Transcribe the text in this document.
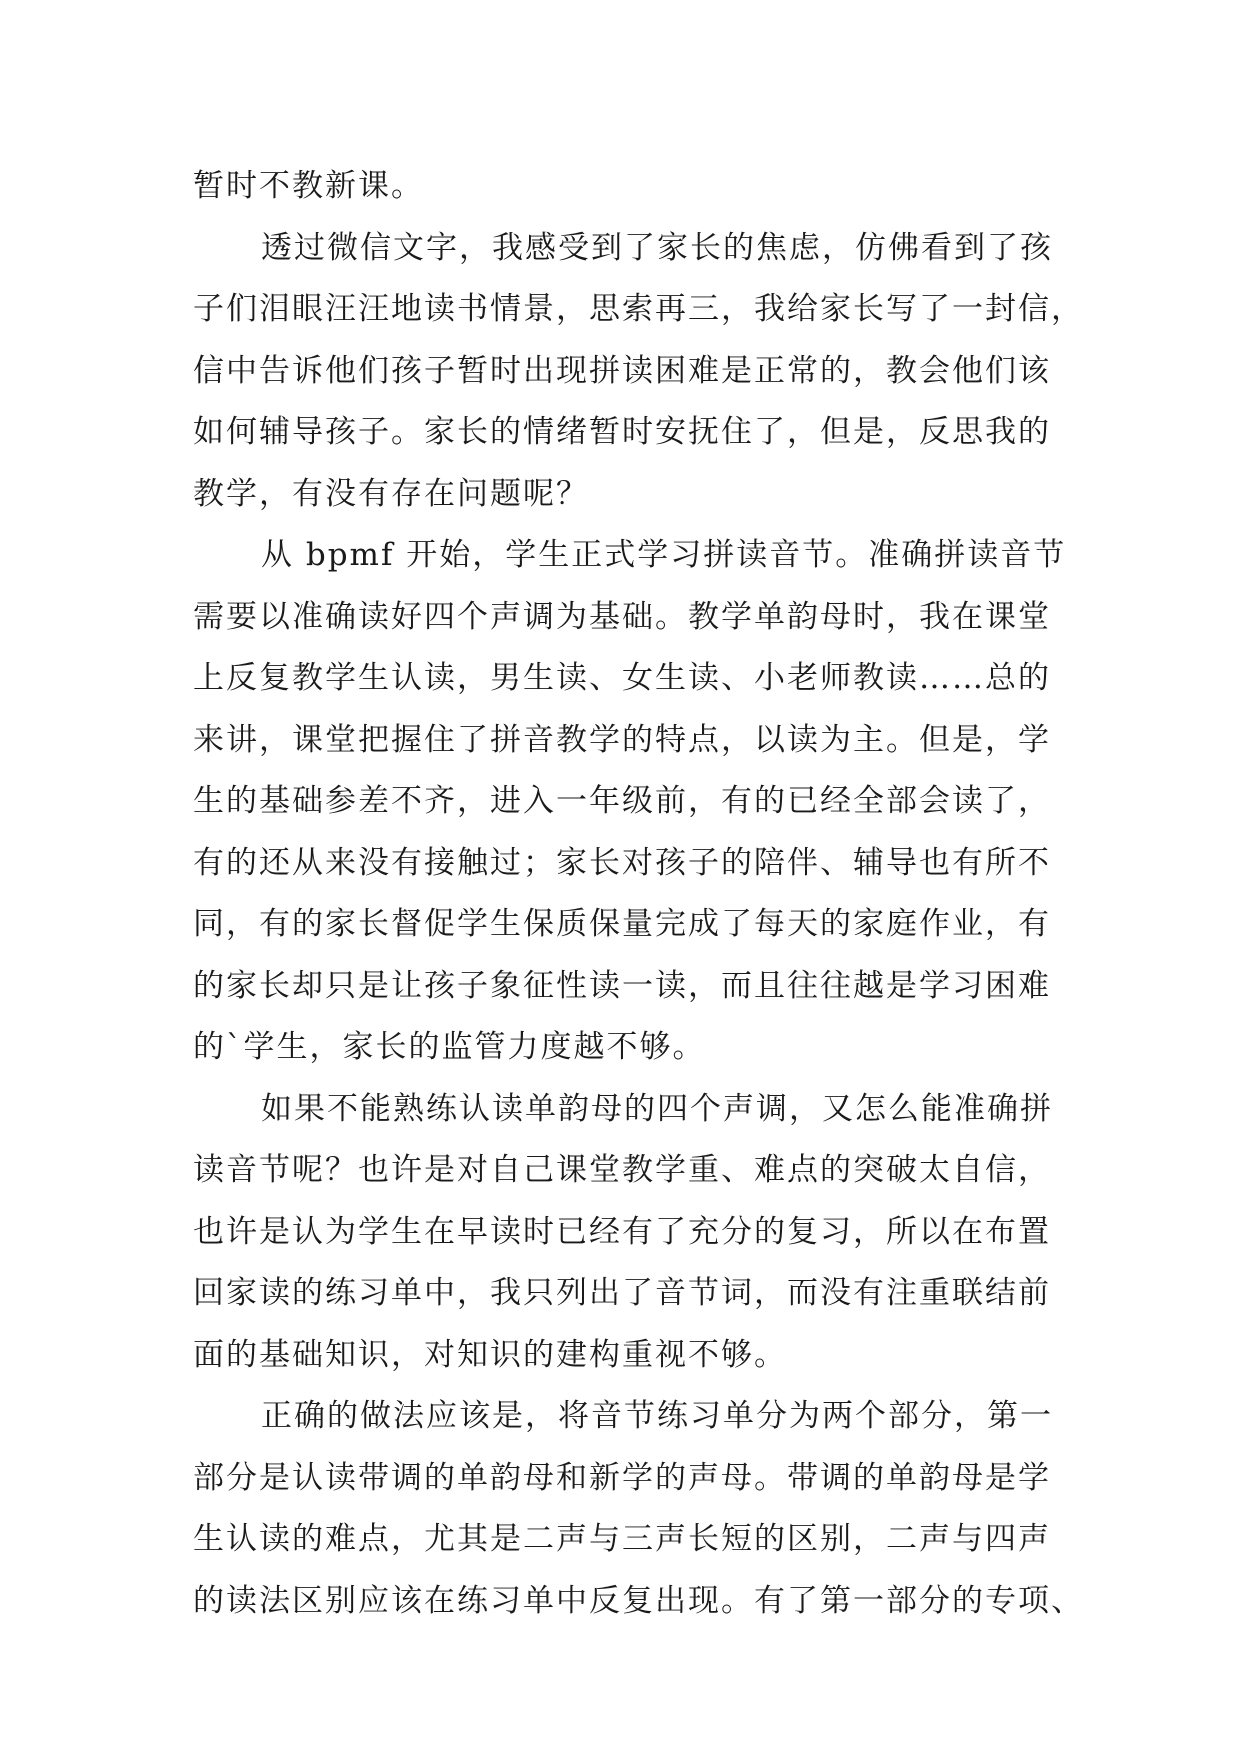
暂时不教新课。
透过微信文字，我感受到了家长的焦虑，仿佛看到了孩
子们泪眼汪汪地读书情景，思索再三，我给家长写了一封信，
信中告诉他们孩子暂时出现拼读困难是正常的，教会他们该
如何辅导孩子。家长的情绪暂时安抚住了，但是，反思我的
教学，有没有存在问题呢？
从 bpmf 开始，学生正式学习拼读音节。准确拼读音节
需要以准确读好四个声调为基础。教学单韵母时，我在课堂
上反复教学生认读，男生读、女生读、小老师教读……总的
来讲，课堂把握住了拼音教学的特点，以读为主。但是，学
生的基础参差不齐，进入一年级前，有的已经全部会读了，
有的还从来没有接触过；家长对孩子的陪伴、辅导也有所不
同，有的家长督促学生保质保量完成了每天的家庭作业，有
的家长却只是让孩子象征性读一读，而且往往越是学习困难
的`学生，家长的监管力度越不够。
如果不能熟练认读单韵母的四个声调，又怎么能准确拼
读音节呢？也许是对自己课堂教学重、难点的突破太自信，
也许是认为学生在早读时已经有了充分的复习，所以在布置
回家读的练习单中，我只列出了音节词，而没有注重联结前
面的基础知识，对知识的建构重视不够。
正确的做法应该是，将音节练习单分为两个部分，第一
部分是认读带调的单韵母和新学的声母。带调的单韵母是学
生认读的难点，尤其是二声与三声长短的区别，二声与四声
的读法区别应该在练习单中反复出现。有了第一部分的专项、
